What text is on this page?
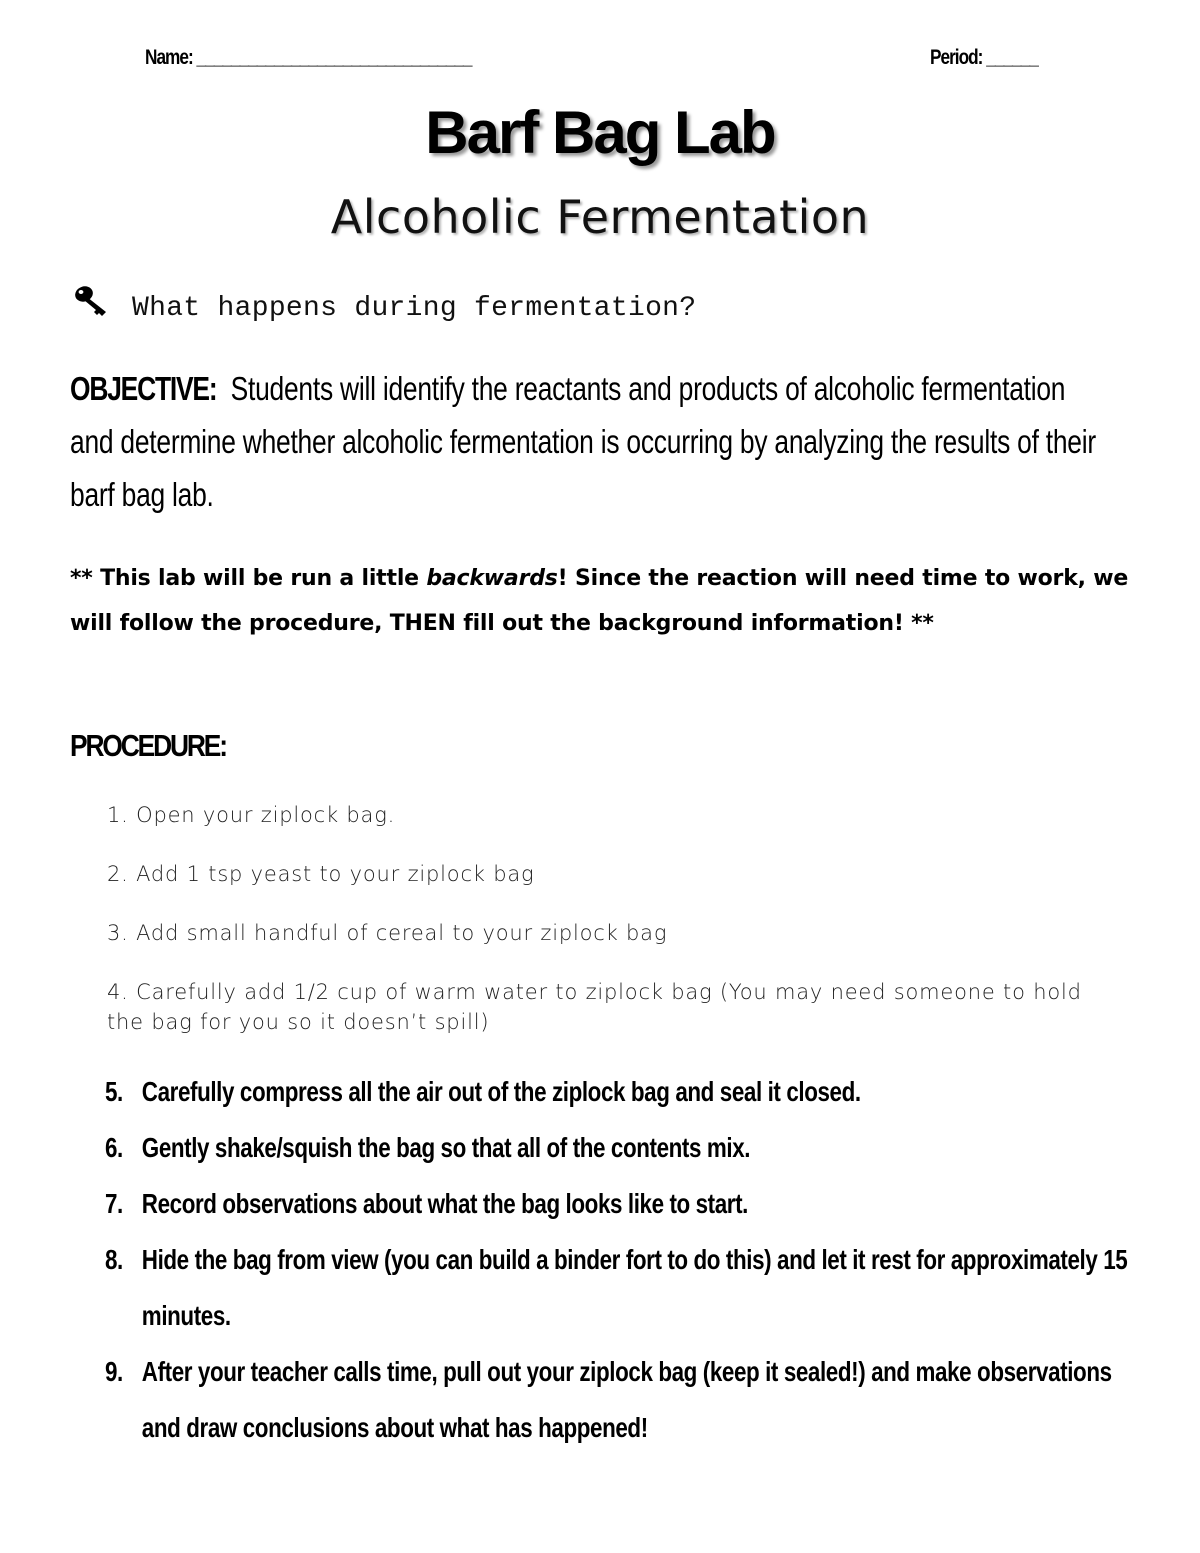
Name: ________________________________	Period: ______
Barf Bag Lab
Alcoholic Fermentation
What happens during fermentation?
OBJECTIVE: Students will identify the reactants and products of alcoholic fermentation and determine whether alcoholic fermentation is occurring by analyzing the results of their barf bag lab.
** This lab will be run a little backwards! Since the reaction will need time to work, we will follow the procedure, THEN fill out the background information! **
PROCEDURE:
1. Open your ziplock bag.
2. Add 1 tsp yeast to your ziplock bag
3. Add small handful of cereal to your ziplock bag
4. Carefully add 1/2 cup of warm water to ziplock bag (You may need someone to hold the bag for you so it doesn’t spill)
5. Carefully compress all the air out of the ziplock bag and seal it closed.
6. Gently shake/squish the bag so that all of the contents mix.
7. Record observations about what the bag looks like to start.
8. Hide the bag from view (you can build a binder fort to do this) and let it rest for approximately 15 minutes.
9. After your teacher calls time, pull out your ziplock bag (keep it sealed!) and make observations and draw conclusions about what has happened!
